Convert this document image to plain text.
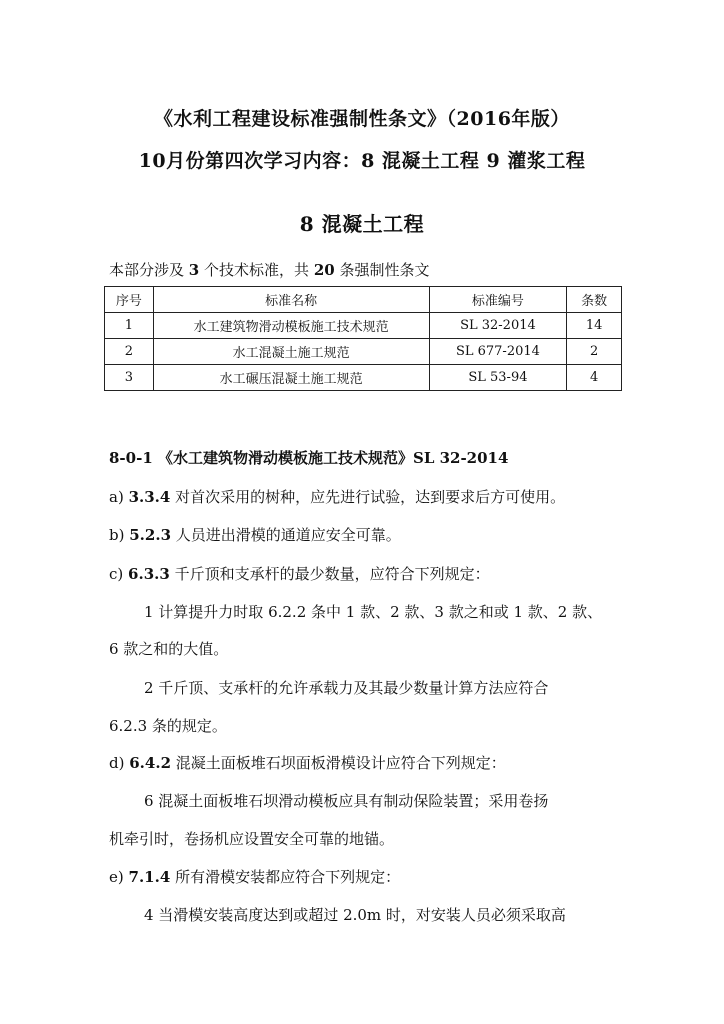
《水利工程建设标准强制性条文》（2016年版）
10月份第四次学习内容：8 混凝土工程 9 灌浆工程
8 混凝土工程
本部分涉及 3 个技术标准，共 20 条强制性条文
序号	标准名称	标准编号	条数
1	水工建筑物滑动模板施工技术规范	SL 32-2014	14
2	水工混凝土施工规范	SL 677-2014	2
3	水工碾压混凝土施工规范	SL 53-94	4
8-0-1 《水工建筑物滑动模板施工技术规范》SL 32-2014
a) 3.3.4 对首次采用的树种，应先进行试验，达到要求后方可使用。
b) 5.2.3 人员进出滑模的通道应安全可靠。
c) 6.3.3 千斤顶和支承杆的最少数量，应符合下列规定：
1 计算提升力时取 6.2.2 条中 1 款、2 款、3 款之和或 1 款、2 款、
6 款之和的大值。
2 千斤顶、支承杆的允许承载力及其最少数量计算方法应符合
6.2.3 条的规定。
d) 6.4.2 混凝土面板堆石坝面板滑模设计应符合下列规定：
6 混凝土面板堆石坝滑动模板应具有制动保险装置；采用卷扬
机牵引时，卷扬机应设置安全可靠的地锚。
e) 7.1.4 所有滑模安装都应符合下列规定：
4 当滑模安装高度达到或超过 2.0m 时，对安装人员必须采取高
